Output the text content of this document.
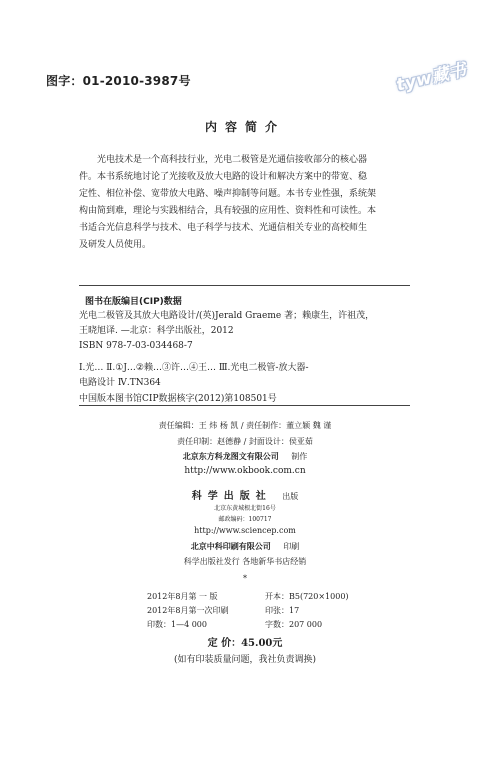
图字：01-2010-3987号	tyw藏书
内容简介

光电技术是一个高科技行业，光电二极管是光通信接收部分的核心器

件。本书系统地讨论了光接收及放大电路的设计和解决方案中的带宽、稳
定性、相位补偿、宽带放大电路、噪声抑制等问题。本书专业性强，系统架
构由简到难，理论与实践相结合，具有较强的应用性、资料性和可读性。本
书适合光信息科学与技术、电子科学与技术、光通信相关专业的高校师生
及研发人员使用。
图书在版编目(CIP)数据
光电二极管及其放大电路设计/(英)Jerald Graeme 著；赖康生，许祖茂，
王晓旭译. —北京：科学出版社，2012
ISBN 978-7-03-034468-7
Ⅰ.光… Ⅱ.①J…②赖…③许…④王… Ⅲ.光电二极管-放大器-
电路设计 Ⅳ.TN364
中国版本图书馆CIP数据核字(2012)第108501号
责任编辑：王 炜 杨 凯 / 责任制作：董立颖 魏 谨
责任印制：赵德静 / 封面设计：侯亚茹
北京东方科龙图文有限公司 制作
http://www.okbook.com.cn
科学出版社 出版
北京东黄城根北街16号
邮政编码：100717
http://www.sciencep.com
北京中科印刷有限公司 印刷
科学出版社发行 各地新华书店经销
*
2012年8月第 一 版	开本：B5(720×1000)
2012年8月第一次印刷	印张：17
印数：1—4 000	字数：207 000
定 价：45.00元
(如有印装质量问题，我社负责调换)
